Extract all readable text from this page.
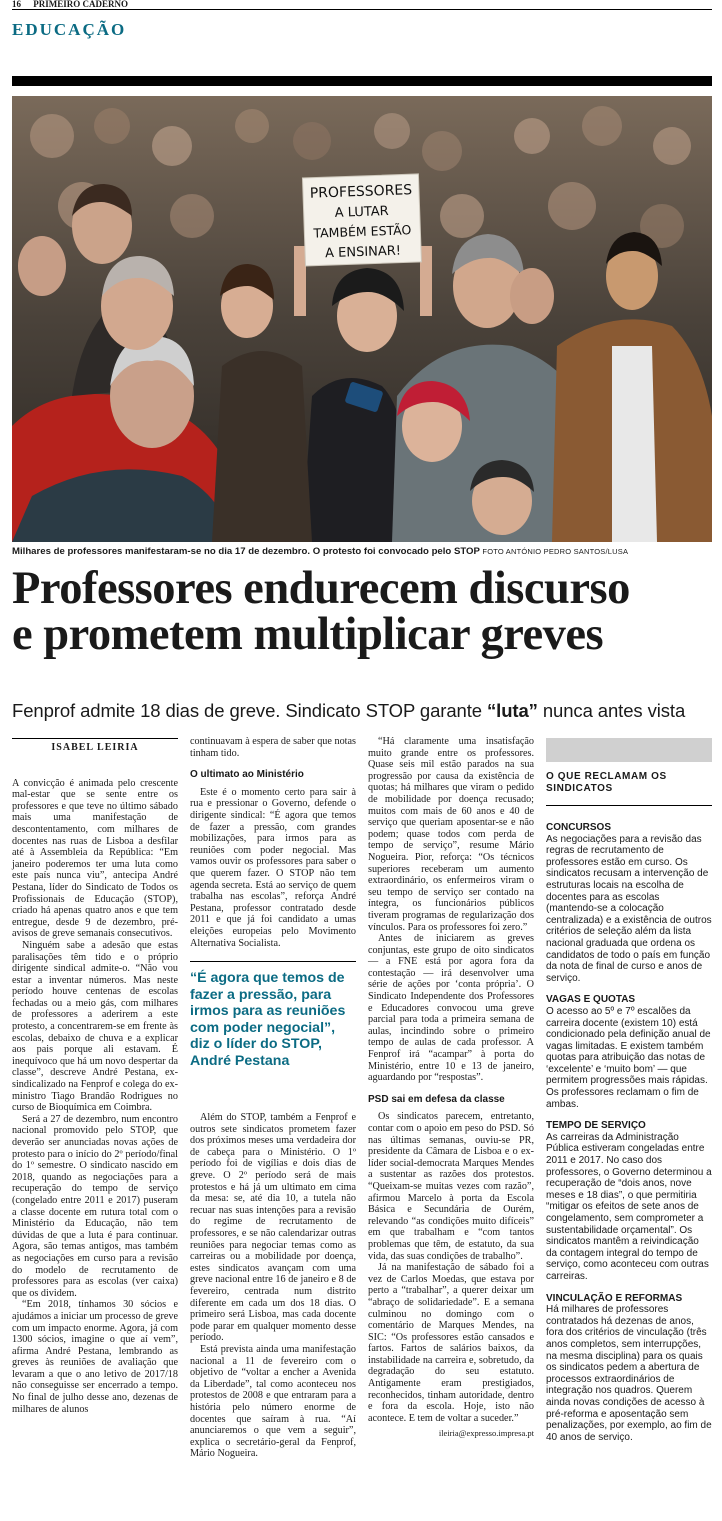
16 PRIMEIRO CADERNO
EDUCAÇÃO
PROFESSORES
A LUTAR
TAMBÉM ESTÃO
A ENSINAR!
Milhares de professores manifestaram-se no dia 17 de dezembro. O protesto foi convocado pelo STOP FOTO ANTÓNIO PEDRO SANTOS/LUSA
Professores endurecem discurso
e prometem multiplicar greves
Fenprof admite 18 dias de greve. Sindicato STOP garante “luta” nunca antes vista
ISABEL LEIRIA

A convicção é animada pelo crescente mal-estar que se sente entre os professores e que teve no último sábado mais uma manifestação de descontentamento, com milhares de docentes nas ruas de Lisboa a desfilar até à Assembleia da República: “Em janeiro poderemos ter uma luta como este país nunca viu”, antecipa André Pestana, líder do Sindicato de Todos os Profissionais de Educação (STOP), criado há apenas quatro anos e que tem entregue, desde 9 de dezembro, pré-avisos de greve semanais consecutivos.

Ninguém sabe a adesão que estas paralisações têm tido e o próprio dirigente sindical admite-o. “Não vou estar a inventar números. Mas neste período houve centenas de escolas fechadas ou a meio gás, com milhares de professores a aderirem a este protesto, a concentrarem-se em frente às escolas, debaixo de chuva e a explicar aos pais porque ali estavam. É inequívoco que há um novo despertar da classe”, descreve André Pestana, ex-sindicalizado na Fenprof e colega do ex-ministro Tiago Brandão Rodrigues no curso de Bioquímica em Coimbra.

Será a 27 de dezembro, num encontro nacional promovido pelo STOP, que deverão ser anunciadas novas ações de protesto para o início do 2º período/final do 1º semestre. O sindicato nascido em 2018, quando as negociações para a recuperação do tempo de serviço (congelado entre 2011 e 2017) puseram a classe docente em rutura total com o Ministério da Educação, não tem dúvidas de que a luta é para continuar. Agora, são temas antigos, mas também as negociações em curso para a revisão do modelo de recrutamento de professores para as escolas (ver caixa) que os dividem.

“Em 2018, tínhamos 30 sócios e ajudámos a iniciar um processo de greve com um impacto enorme. Agora, já com 1300 sócios, imagine o que aí vem”, afirma André Pestana, lembrando as greves às reuniões de avaliação que levaram a que o ano letivo de 2017/18 não conseguisse ser encerrado a tempo. No final de julho desse ano, dezenas de milhares de alunos

continuavam à espera de saber que notas tinham tido.

O ultimato ao Ministério

Este é o momento certo para sair à rua e pressionar o Governo, defende o dirigente sindical: “É agora que temos de fazer a pressão, com grandes mobilizações, para irmos para as reuniões com poder negocial. Mas vamos ouvir os professores para saber o que querem fazer. O STOP não tem agenda secreta. Está ao serviço de quem trabalha nas escolas”, reforça André Pestana, professor contratado desde 2011 e que já foi candidato a umas eleições europeias pelo Movimento Alternativa Socialista.

“É agora que temos de fazer a pressão, para irmos para as reuniões com poder negocial”, diz o líder do STOP, André Pestana

Além do STOP, também a Fenprof e outros sete sindicatos prometem fazer dos próximos meses uma verdadeira dor de cabeça para o Ministério. O 1º período foi de vigílias e dois dias de greve. O 2º período será de mais protestos e há já um ultimato em cima da mesa: se, até dia 10, a tutela não recuar nas suas intenções para a revisão do regime de recrutamento de professores, e se não calendarizar outras reuniões para negociar temas como as carreiras ou a mobilidade por doença, estes sindicatos avançam com uma greve nacional entre 16 de janeiro e 8 de fevereiro, centrada num distrito diferente em cada um dos 18 dias. O primeiro será Lisboa, mas cada docente pode parar em qualquer momento desse período.

Está prevista ainda uma manifestação nacional a 11 de fevereiro com o objetivo de “voltar a encher a Avenida da Liberdade”, tal como aconteceu nos protestos de 2008 e que entraram para a história pelo número enorme de docentes que saíram à rua. “Aí anunciaremos o que vem a seguir”, explica o secretário-geral da Fenprof, Mário Nogueira.

“Há claramente uma insatisfação muito grande entre os professores. Quase seis mil estão parados na sua progressão por causa da existência de quotas; há milhares que viram o pedido de mobilidade por doença recusado; muitos com mais de 60 anos e 40 de serviço que queriam aposentar-se e não podem; quase todos com perda de tempo de serviço”, resume Mário Nogueira. Pior, reforça: “Os técnicos superiores receberam um aumento extraordinário, os enfermeiros viram o seu tempo de serviço ser contado na íntegra, os funcionários públicos tiveram programas de regularização dos vínculos. Para os professores foi zero.”

Antes de iniciarem as greves conjuntas, este grupo de oito sindicatos — a FNE está por agora fora da contestação — irá desenvolver uma série de ações por ‘conta própria’. O Sindicato Independente dos Professores e Educadores convocou uma greve parcial para toda a primeira semana de aulas, incindindo sobre o primeiro tempo de aulas de cada professor. A Fenprof irá “acampar” à porta do Ministério, entre 10 e 13 de janeiro, aguardando por “respostas”.

PSD sai em defesa da classe

Os sindicatos parecem, entretanto, contar com o apoio em peso do PSD. Só nas últimas semanas, ouviu-se PR, presidente da Câmara de Lisboa e o ex-líder social-democrata Marques Mendes a sustentar as razões dos protestos. “Queixam-se muitas vezes com razão”, afirmou Marcelo à porta da Escola Básica e Secundária de Ourém, relevando “as condições muito difíceis” em que trabalham e “com tantos problemas que têm, de estatuto, da sua vida, das suas condições de trabalho”.

Já na manifestação de sábado foi a vez de Carlos Moedas, que estava por perto a “trabalhar”, a querer deixar um “abraço de solidariedade”. E a semana culminou no domingo com o comentário de Marques Mendes, na SIC: “Os professores estão cansados e fartos. Fartos de salários baixos, da instabilidade na carreira e, sobretudo, da degradação do seu estatuto. Antigamente eram prestigiados, reconhecidos, tinham autoridade, dentro e fora da escola. Hoje, isto não acontece. E tem de voltar a suceder.”

ileiria@expresso.impresa.pt

O QUE RECLAMAM OS SINDICATOS
CONCURSOS

As negociações para a revisão das regras de recrutamento de professores estão em curso. Os sindicatos recusam a intervenção de estruturas locais na escolha de docentes para as escolas (mantendo-se a colocação centralizada) e a existência de outros critérios de seleção além da lista nacional graduada que ordena os candidatos de todo o país em função da nota de final de curso e anos de serviço.

VAGAS E QUOTAS

O acesso ao 5º e 7º escalões da carreira docente (existem 10) está condicionado pela definição anual de vagas limitadas. E existem também quotas para atribuição das notas de ‘excelente’ e ‘muito bom’ — que permitem progressões mais rápidas. Os professores reclamam o fim de ambas.

TEMPO DE SERVIÇO

As carreiras da Administração Pública estiveram congeladas entre 2011 e 2017. No caso dos professores, o Governo determinou a recuperação de “dois anos, nove meses e 18 dias”, o que permitiria “mitigar os efeitos de sete anos de congelamento, sem comprometer a sustentabilidade orçamental”. Os sindicatos mantêm a reivindicação da contagem integral do tempo de serviço, como aconteceu com outras carreiras.

VINCULAÇÃO E REFORMAS

Há milhares de professores contratados há dezenas de anos, fora dos critérios de vinculação (três anos completos, sem interrupções, na mesma disciplina) para os quais os sindicatos pedem a abertura de processos extraordinários de integração nos quadros. Querem ainda novas condições de acesso à pré-reforma e aposentação sem penalizações, por exemplo, ao fim de 40 anos de serviço.
